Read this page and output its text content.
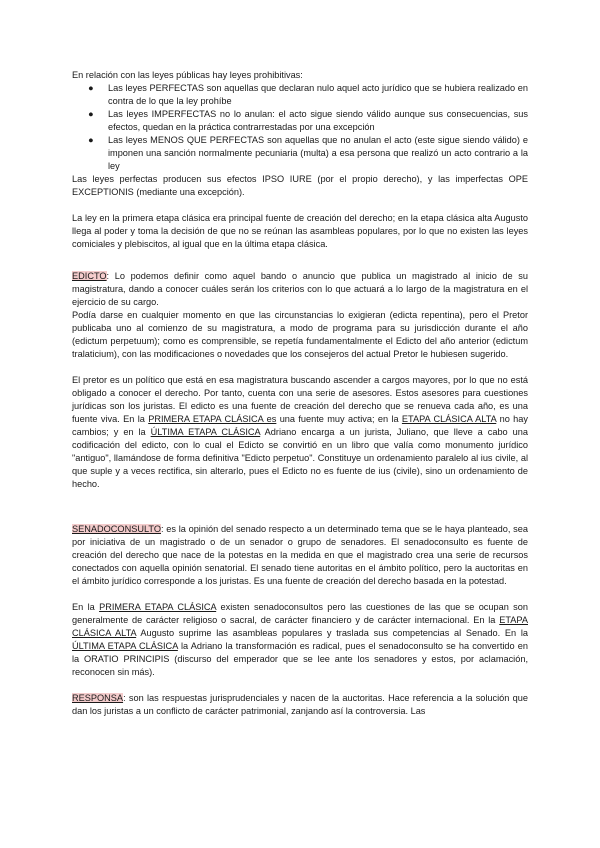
En relación con las leyes públicas hay leyes prohibitivas:

● Las leyes PERFECTAS son aquellas que declaran nulo aquel acto jurídico que se hubiera realizado en contra de lo que la ley prohíbe
● Las leyes IMPERFECTAS no lo anulan: el acto sigue siendo válido aunque sus consecuencias, sus efectos, quedan en la práctica contrarrestadas por una excepción
● Las leyes MENOS QUE PERFECTAS son aquellas que no anulan el acto (este sigue siendo válido) e imponen una sanción normalmente pecuniaria (multa) a esa persona que realizó un acto contrario a la ley

Las leyes perfectas producen sus efectos IPSO IURE (por el propio derecho), y las imperfectas OPE EXCEPTIONIS (mediante una excepción).

La ley en la primera etapa clásica era principal fuente de creación del derecho; en la etapa clásica alta Augusto llega al poder y toma la decisión de que no se reúnan las asambleas populares, por lo que no existen las leyes comiciales y plebiscitos, al igual que en la última etapa clásica.

EDICTO: Lo podemos definir como aquel bando o anuncio que publica un magistrado al inicio de su magistratura, dando a conocer cuáles serán los criterios con lo que actuará a lo largo de la magistratura en el ejercicio de su cargo.

Podía darse en cualquier momento en que las circunstancias lo exigieran (edicta repentina), pero el Pretor publicaba uno al comienzo de su magistratura, a modo de programa para su jurisdicción durante el año (edictum perpetuum); como es comprensible, se repetía fundamentalmente el Edicto del año anterior (edictum tralaticium), con las modificaciones o novedades que los consejeros del actual Pretor le hubiesen sugerido.

El pretor es un político que está en esa magistratura buscando ascender a cargos mayores, por lo que no está obligado a conocer el derecho. Por tanto, cuenta con una serie de asesores. Estos asesores para cuestiones jurídicas son los juristas. El edicto es una fuente de creación del derecho que se renueva cada año, es una fuente viva. En la PRIMERA ETAPA CLÁSICA es una fuente muy activa; en la ETAPA CLÁSICA ALTA no hay cambios; y en la ÚLTIMA ETAPA CLÁSICA Adriano encarga a un jurista, Juliano, que lleve a cabo una codificación del edicto, con lo cual el Edicto se convirtió en un libro que valía como monumento jurídico "antiguo", llamándose de forma definitiva "Edicto perpetuo". Constituye un ordenamiento paralelo al ius civile, al que suple y a veces rectifica, sin alterarlo, pues el Edicto no es fuente de ius (civile), sino un ordenamiento de hecho.

SENADOCONSULTO: es la opinión del senado respecto a un determinado tema que se le haya planteado, sea por iniciativa de un magistrado o de un senador o grupo de senadores. El senadoconsulto es fuente de creación del derecho que nace de la potestas en la medida en que el magistrado crea una serie de recursos conectados con aquella opinión senatorial. El senado tiene autoritas en el ámbito político, pero la auctoritas en el ámbito jurídico corresponde a los juristas. Es una fuente de creación del derecho basada en la potestad.

En la PRIMERA ETAPA CLÁSICA existen senadoconsultos pero las cuestiones de las que se ocupan son generalmente de carácter religioso o sacral, de carácter financiero y de carácter internacional. En la ETAPA CLÁSICA ALTA Augusto suprime las asambleas populares y traslada sus competencias al Senado. En la ÚLTIMA ETAPA CLÁSICA la Adriano la transformación es radical, pues el senadoconsulto se ha convertido en la ORATIO PRINCIPIS (discurso del emperador que se lee ante los senadores y estos, por aclamación, reconocen sin más).

RESPONSA: son las respuestas jurisprudenciales y nacen de la auctoritas. Hace referencia a la solución que dan los juristas a un conflicto de carácter patrimonial, zanjando así la controversia. Las
